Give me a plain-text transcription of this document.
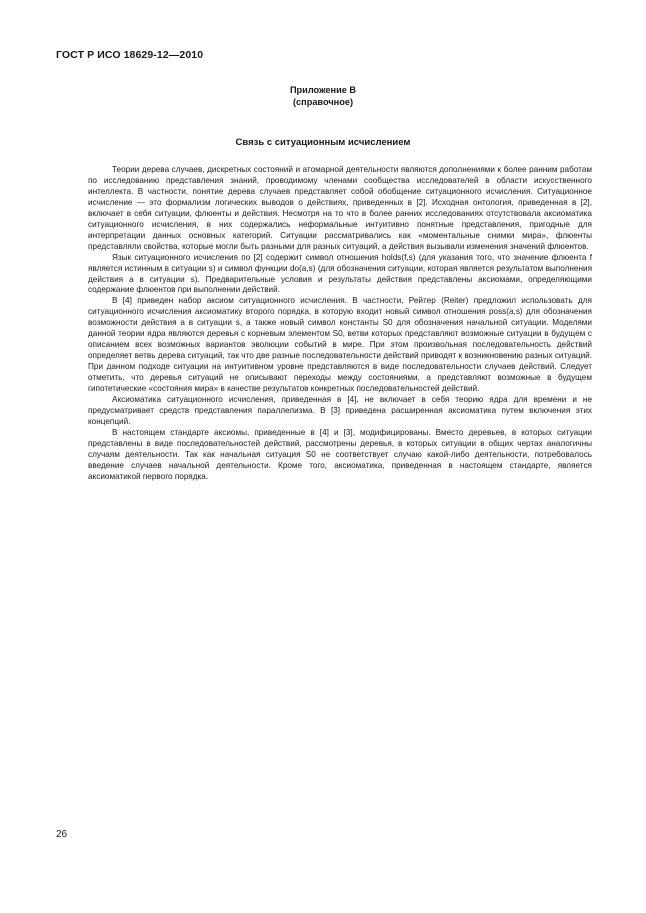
ГОСТ Р ИСО 18629-12—2010
Приложение B
(справочное)
Связь с ситуационным исчислением

Теории дерева случаев, дискретных состояний и атомарной деятельности являются дополнениями к более ранним работам по исследованию представления знаний, проводимому членами сообщества исследователей в области искусственного интеллекта. В частности, понятие дерева случаев представляет собой обобщение ситуационного исчисления. Ситуационное исчисление — это формализм логических выводов о действиях, приведенных в [2]. Исходная онтология, приведенная в [2], включает в себя ситуации, флюенты и действия. Несмотря на то что в более ранних исследованиях отсутствовала аксиоматика ситуационного исчисления, в них содержались неформальные интуитивно понятные представления, пригодные для интерпретации данных основных категорий. Ситуации рассматривались как «моментальные снимки мира», флюенты представляли свойства, которые могли быть разными для разных ситуаций, а действия вызывали изменения значений флюентов.

Язык ситуационного исчисления по [2] содержит символ отношения holds(f,s) (для указания того, что значение флюента f является истинным в ситуации s) и символ функции do(a,s) (для обозначения ситуации, которая является результатом выполнения действия a в ситуации s). Предварительные условия и результаты действия представлены аксиомами, определяющими содержание флюентов при выполнении действий.

В [4] приведен набор аксиом ситуационного исчисления. В частности, Рейтер (Reiter) предложил использовать для ситуационного исчисления аксиоматику второго порядка, в которую входит новый символ отношения poss(a,s) для обозначения возможности действия a в ситуации s, а также новый символ константы S0 для обозначения начальной ситуации. Моделями данной теории ядра являются деревья с корневым элементом S0, ветви которых представляют возможные ситуации в будущем с описанием всех возможных вариантов эволюции событий в мире. При этом произвольная последовательность действий определяет ветвь дерева ситуаций, так что две разные последовательности действий приводят к возникновению разных ситуаций. При данном подходе ситуации на интуитивном уровне представляются в виде последовательности случаев действий. Следует отметить, что деревья ситуаций не описывают переходы между состояниями, а представляют возможные в будущем гипотетические «состояния мира» в качестве результатов конкретных последовательностей действий.

Аксиоматика ситуационного исчисления, приведенная в [4], не включает в себя теорию ядра для времени и не предусматривает средств представления параллелизма. В [3] приведена расширенная аксиоматика путем включения этих концепций.

В настоящем стандарте аксиомы, приведенные в [4] и [3], модифицированы. Вместо деревьев, в которых ситуации представлены в виде последовательностей действий, рассмотрены деревья, в которых ситуации в общих чертах аналогичны случаям деятельности. Так как начальная ситуация S0 не соответствует случаю какой-либо деятельности, потребовалось введение случаев начальной деятельности. Кроме того, аксиоматика, приведенная в настоящем стандарте, является аксиоматикой первого порядка.

26
